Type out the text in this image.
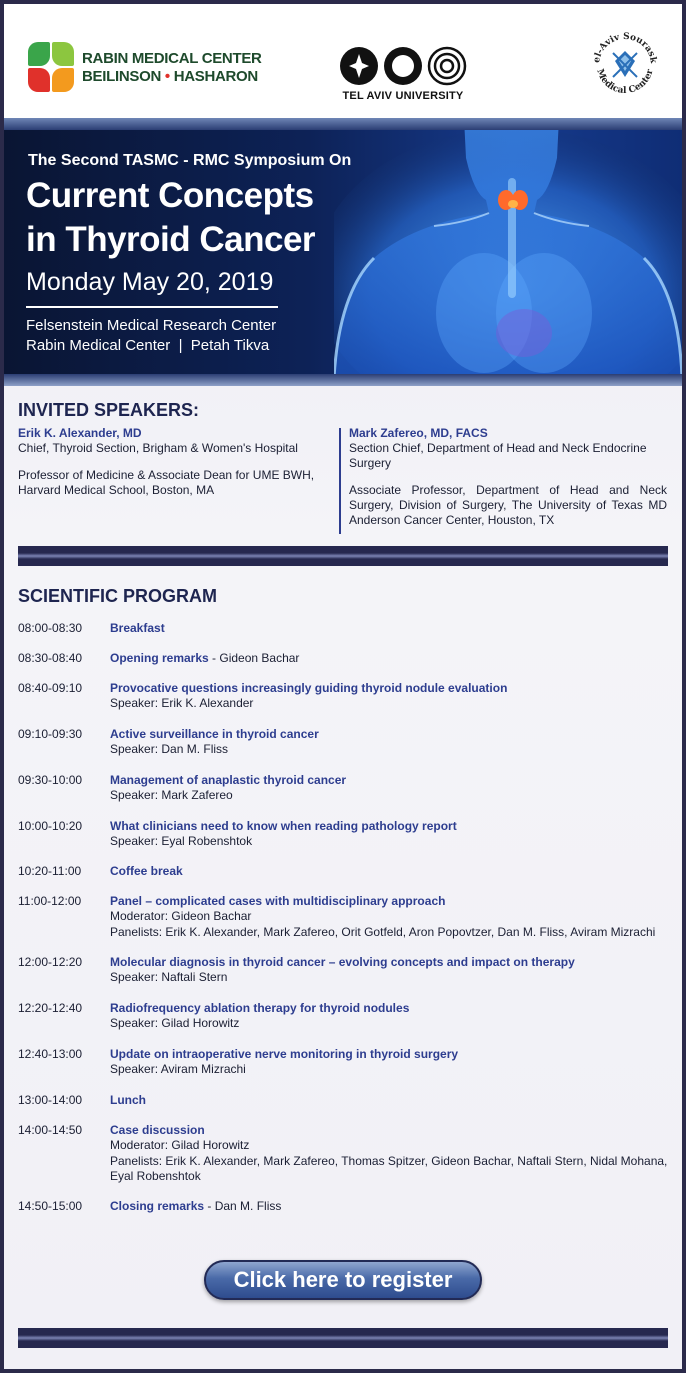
RABIN MEDICAL CENTER
BEILINSON • HASHARON
TEL AVIV UNIVERSITY
el-Aviv Sourask
Medical Center
The Second TASMC - RMC Symposium On
Current Concepts
in Thyroid Cancer
Monday May 20, 2019
Felsenstein Medical Research Center
Rabin Medical Center  |  Petah Tikva
INVITED SPEAKERS:
Erik K. Alexander, MD

Chief, Thyroid Section, Brigham & Women's Hospital

Professor of Medicine & Associate Dean for UME BWH, Harvard Medical School, Boston, MA

Mark Zafereo, MD, FACS

Section Chief, Department of Head and Neck Endocrine Surgery

Associate Professor, Department of Head and Neck Surgery, Division of Surgery, The University of Texas MD Anderson Cancer Center, Houston, TX

SCIENTIFIC PROGRAM
08:00-08:30	Breakfast
08:30-08:40	Opening remarks - Gideon Bachar
08:40-09:10	Provocative questions increasingly guiding thyroid nodule evaluation
Speaker: Erik K. Alexander
09:10-09:30	Active surveillance in thyroid cancer
Speaker: Dan M. Fliss
09:30-10:00	Management of anaplastic thyroid cancer
Speaker: Mark Zafereo
10:00-10:20	What clinicians need to know when reading pathology report
Speaker: Eyal Robenshtok
10:20-11:00	Coffee break
11:00-12:00	Panel – complicated cases with multidisciplinary approach
Moderator: Gideon Bachar
Panelists: Erik K. Alexander, Mark Zafereo, Orit Gotfeld, Aron Popovtzer, Dan M. Fliss, Aviram Mizrachi
12:00-12:20	Molecular diagnosis in thyroid cancer – evolving concepts and impact on therapy
Speaker: Naftali Stern
12:20-12:40	Radiofrequency ablation therapy for thyroid nodules
Speaker: Gilad Horowitz
12:40-13:00	Update on intraoperative nerve monitoring in thyroid surgery
Speaker: Aviram Mizrachi
13:00-14:00	Lunch
14:00-14:50	Case discussion
Moderator: Gilad Horowitz
Panelists: Erik K. Alexander, Mark Zafereo, Thomas Spitzer, Gideon Bachar, Naftali Stern, Nidal Mohana, Eyal Robenshtok
14:50-15:00	Closing remarks - Dan M. Fliss
Click here to register
